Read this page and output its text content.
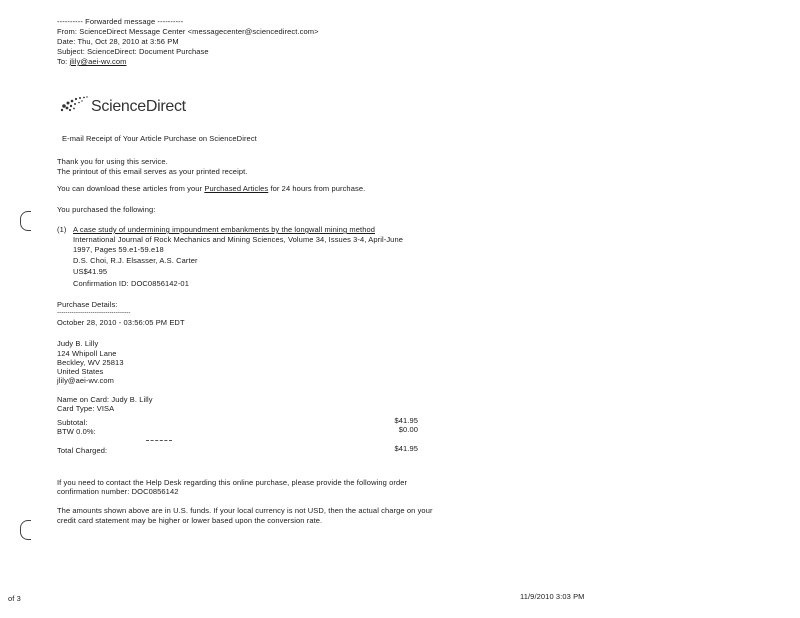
---------- Forwarded message ----------
From: ScienceDirect Message Center <messagecenter@sciencedirect.com>
Date: Thu, Oct 28, 2010 at 3:56 PM
Subject: ScienceDirect: Document Purchase
To: jlily@aei-wv.com
ScienceDirect
E-mail Receipt of Your Article Purchase on ScienceDirect
Thank you for using this service.
The printout of this email serves as your printed receipt.
You can download these articles from your Purchased Articles for 24 hours from purchase.
You purchased the following:
(1) A case study of undermining impoundment embankments by the longwall mining method
International Journal of Rock Mechanics and Mining Sciences, Volume 34, Issues 3-4, April-June
1997, Pages 59.e1-59.e18
D.S. Choi, R.J. Elsasser, A.S. Carter
US$41.95
Confirmation ID: DOC0856142-01
Purchase Details:
-----------------------------------
October 28, 2010 - 03:56:05 PM EDT
Judy B. Lilly
124 Whipoll Lane
Beckley, WV 25813
United States
jlily@aei-wv.com
Name on Card: Judy B. Lilly
Card Type: VISA
Subtotal:	$41.95
BTW 0.0%:	$0.00
Total Charged:	$41.95
If you need to contact the Help Desk regarding this online purchase, please provide the following order
confirmation number: DOC0856142
The amounts shown above are in U.S. funds. If your local currency is not USD, then the actual charge on your
credit card statement may be higher or lower based upon the conversion rate.
of 3	11/9/2010 3:03 PM
